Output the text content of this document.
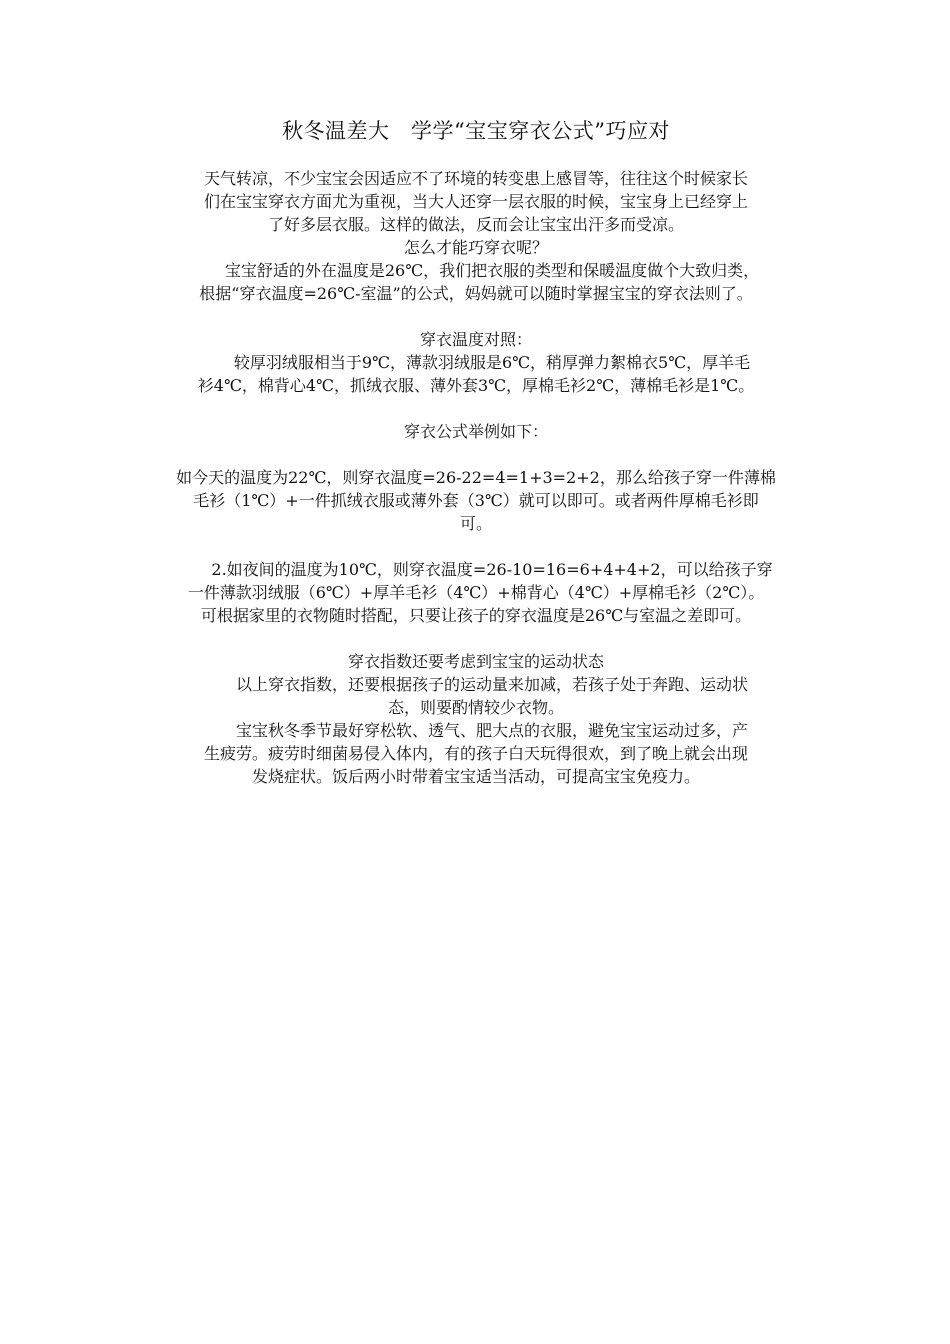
秋冬温差大　学学“宝宝穿衣公式”巧应对

天气转凉，不少宝宝会因适应不了环境的转变患上感冒等，往往这个时候家长

们在宝宝穿衣方面尤为重视，当大人还穿一层衣服的时候，宝宝身上已经穿上

了好多层衣服。这样的做法，反而会让宝宝出汗多而受凉。

怎么才能巧穿衣呢？

　　宝宝舒适的外在温度是26℃，我们把衣服的类型和保暖温度做个大致归类，

根据“穿衣温度=26℃-室温”的公式，妈妈就可以随时掌握宝宝的穿衣法则了。

穿衣温度对照：

　　较厚羽绒服相当于9℃，薄款羽绒服是6℃，稍厚弹力絮棉衣5℃，厚羊毛

衫4℃，棉背心4℃，抓绒衣服、薄外套3℃，厚棉毛衫2℃，薄棉毛衫是1℃。

穿衣公式举例如下：

如今天的温度为22℃，则穿衣温度=26-22=4=1+3=2+2，那么给孩子穿一件薄棉

毛衫（1℃）+一件抓绒衣服或薄外套（3℃）就可以即可。或者两件厚棉毛衫即

可。

　　2.如夜间的温度为10℃，则穿衣温度=26-10=16=6+4+4+2，可以给孩子穿

一件薄款羽绒服（6℃）+厚羊毛衫（4℃）+棉背心（4℃）+厚棉毛衫（2℃）。

可根据家里的衣物随时搭配，只要让孩子的穿衣温度是26℃与室温之差即可。

穿衣指数还要考虑到宝宝的运动状态

　　以上穿衣指数，还要根据孩子的运动量来加减，若孩子处于奔跑、运动状

态，则要酌情较少衣物。

　　宝宝秋冬季节最好穿松软、透气、肥大点的衣服，避免宝宝运动过多，产

生疲劳。疲劳时细菌易侵入体内，有的孩子白天玩得很欢，到了晚上就会出现

发烧症状。饭后两小时带着宝宝适当活动，可提高宝宝免疫力。
